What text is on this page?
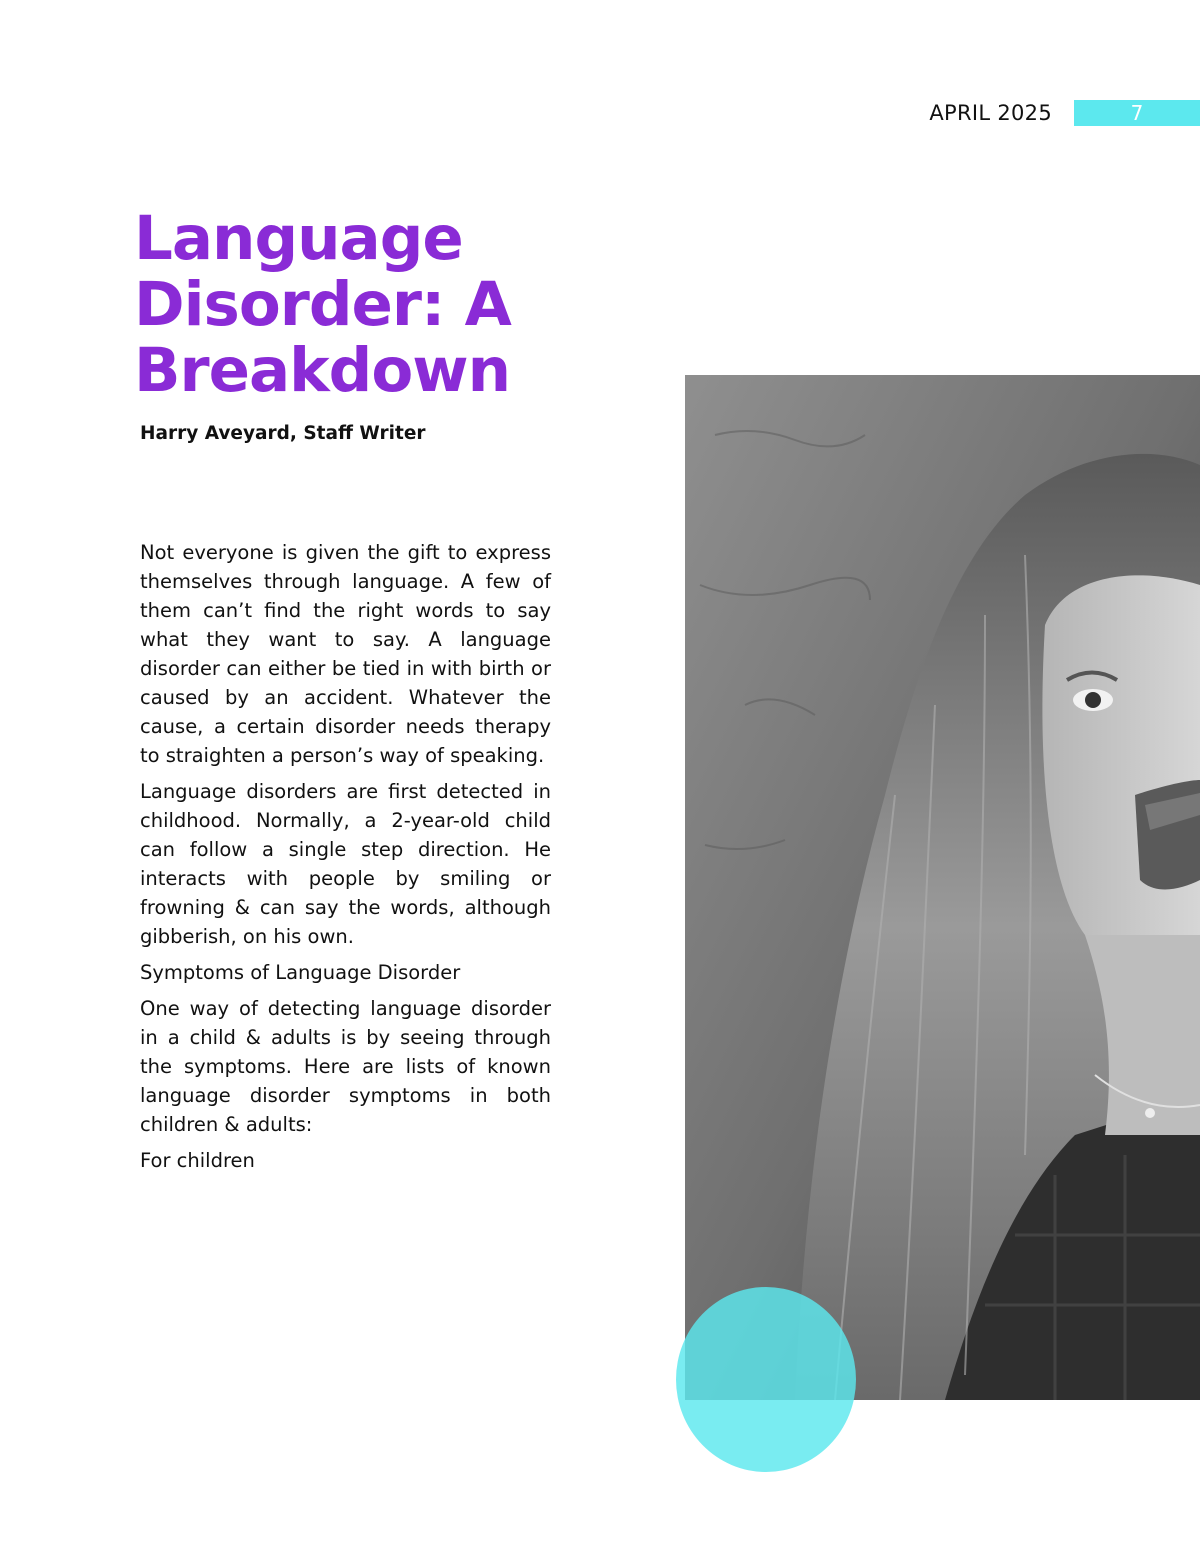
APRIL 2025	7
Language Disorder: A Breakdown
Harry Aveyard, Staff Writer

Not everyone is given the gift to express themselves through language. A few of them can’t find the right words to say what they want to say. A language disorder can either be tied in with birth or caused by an accident. Whatever the cause, a certain disorder needs therapy to straighten a person’s way of speaking.

Language disorders are first detected in childhood. Normally, a 2-year-old child can follow a single step direction. He interacts with people by smiling or frowning & can say the words, although gibberish, on his own.

Symptoms of Language Disorder

One way of detecting language disorder in a child & adults is by seeing through the symptoms. Here are lists of known language disorder symptoms in both children & adults:

For children
